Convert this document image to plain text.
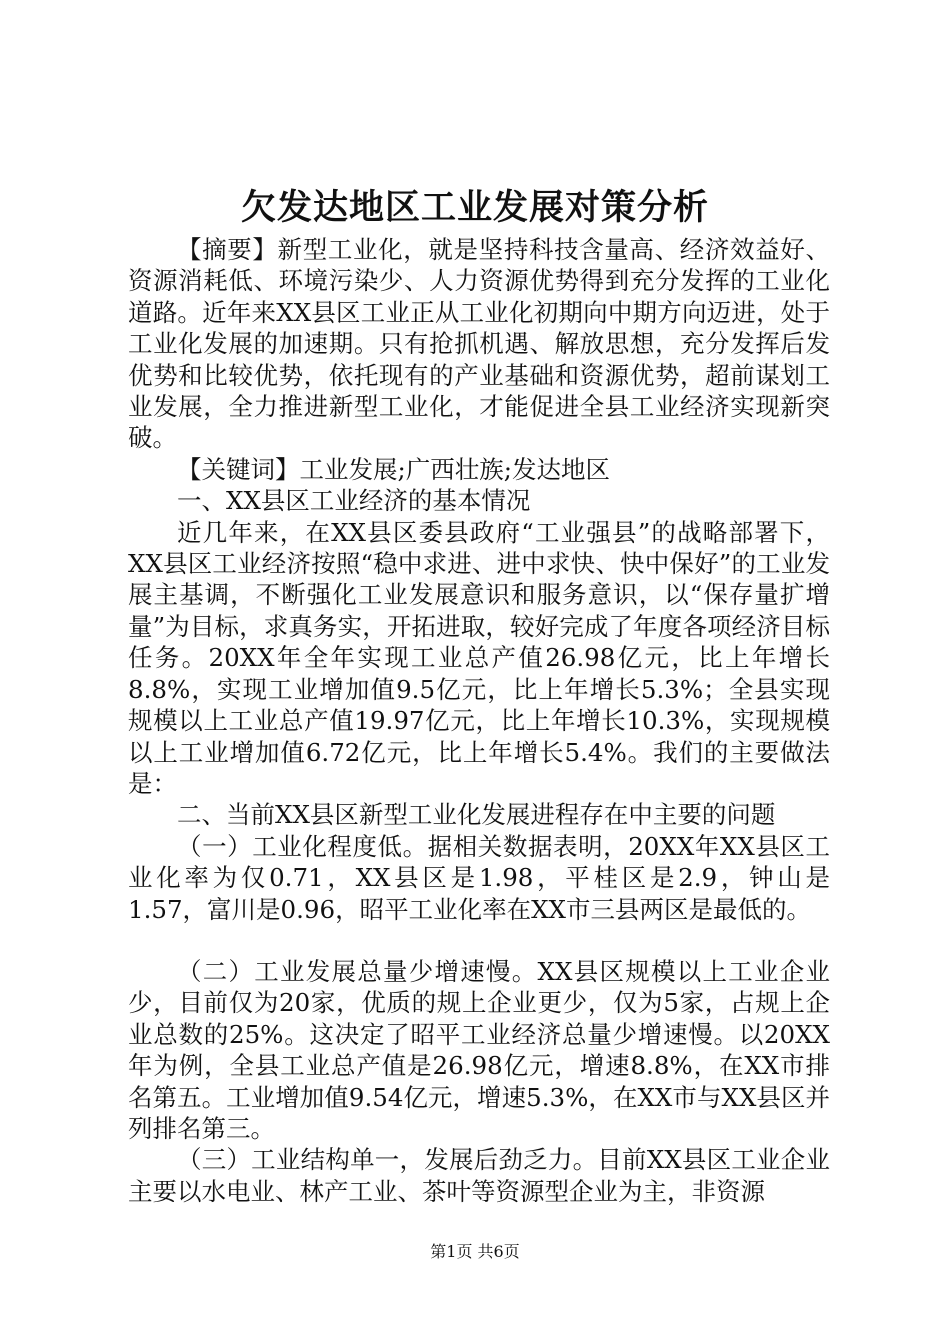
欠发达地区工业发展对策分析

【摘要】新型工业化，就是坚持科技含量高、经济效益好、资源消耗低、环境污染少、人力资源优势得到充分发挥的工业化道路。近年来XX县区工业正从工业化初期向中期方向迈进，处于工业化发展的加速期。只有抢抓机遇、解放思想，充分发挥后发优势和比较优势，依托现有的产业基础和资源优势，超前谋划工业发展，全力推进新型工业化，才能促进全县工业经济实现新突破。

【关键词】工业发展;广西壮族;发达地区

一、XX县区工业经济的基本情况

近几年来，在XX县区委县政府“工业强县”的战略部署下，XX县区工业经济按照“稳中求进、进中求快、快中保好”的工业发展主基调，不断强化工业发展意识和服务意识，以“保存量扩增量”为目标，求真务实，开拓进取，较好完成了年度各项经济目标任务。20XX年全年实现工业总产值26.98亿元，比上年增长8.8%，实现工业增加值9.5亿元，比上年增长5.3%；全县实现规模以上工业总产值19.97亿元，比上年增长10.3%，实现规模以上工业增加值6.72亿元，比上年增长5.4%。我们的主要做法是：

二、当前XX县区新型工业化发展进程存在中主要的问题

（一）工业化程度低。据相关数据表明，20XX年XX县区工业化率为仅0.71，XX县区是1.98，平桂区是2.9，钟山是1.57，富川是0.96，昭平工业化率在XX市三县两区是最低的。

（二）工业发展总量少增速慢。XX县区规模以上工业企业少，目前仅为20家，优质的规上企业更少，仅为5家，占规上企业总数的25%。这决定了昭平工业经济总量少增速慢。以20XX年为例，全县工业总产值是26.98亿元，增速8.8%，在XX市排名第五。工业增加值9.54亿元，增速5.3%，在XX市与XX县区并列排名第三。

（三）工业结构单一，发展后劲乏力。目前XX县区工业企业主要以水电业、林产工业、茶叶等资源型企业为主，非资源

第1页 共6页
